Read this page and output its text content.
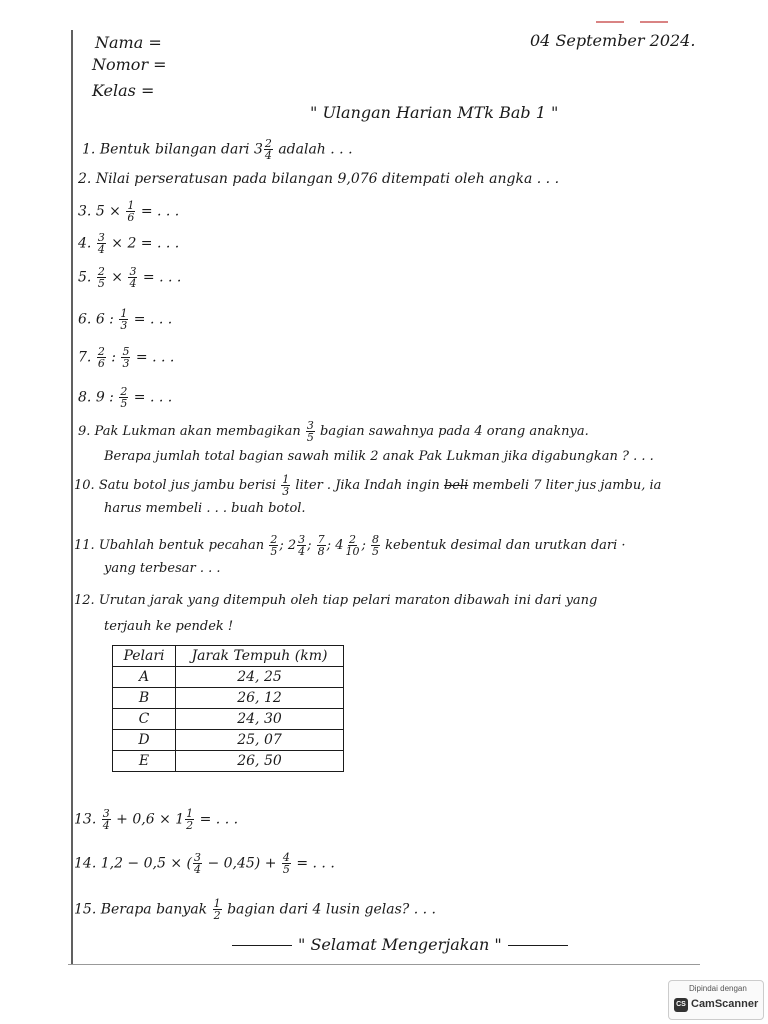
Nama =
Nomor =
Kelas =
04 September 2024.
" Ulangan Harian MTk Bab 1 "
1. Bentuk bilangan dari $3 \frac{2}{4}$ adalah . . .
2. Nilai perseratusan pada bilangan 9,076 ditempati oleh angka . . .
3. $5 \times \frac{1}{6}$ = . . .
4. $\frac{3}{4} \times 2$ = . . .
5. $\frac{2}{5} \times \frac{3}{4}$ = . . .
6. 6 : $\frac{1}{3}$ = . . .
7. $\frac{2}{6}$ : $\frac{5}{3}$ = . . .
8. 9 : $\frac{2}{5}$ = . . .
9. Pak Lukman akan membagikan $\frac{3}{5}$ bagian sawahnya pada 4 orang anaknya.
Berapa jumlah total bagian sawah milik 2 anak Pak Lukman jika digabungkan ? . . .
10. Satu botol jus jambu berisi $\frac{1}{3}$ liter . Jika Indah ingin beli membeli 7 liter jus jambu, ia
harus membeli . . . buah botol.
11. Ubahlah bentuk pecahan $\frac{2}{5}$ ; $2 \frac{3}{4}$ ; $\frac{7}{8}$ ; $4 \frac{2}{10}$ ; $\frac{8}{5}$ kebentuk desimal dan urutkan dari ·
yang terbesar . . .
12. Urutan jarak yang ditempuh oleh tiap pelari maraton dibawah ini dari yang
terjauh ke pendek !
Pelari	Jarak Tempuh (km)
A	24, 25
B	26, 12
C	24, 30
D	25, 07
E	26, 50
13. $\frac{3}{4} + 0,6 \times 1 \frac{1}{2}$ = . . .
14. 1,2 − 0,5 × ( $\frac{3}{4} - 0,45) + \frac{4}{5}$ = . . .
15. Berapa banyak $\frac{1}{2}$ bagian dari 4 lusin gelas? . . .
" Selamat Mengerjakan "
Dipindai dengan
CS CamScanner
